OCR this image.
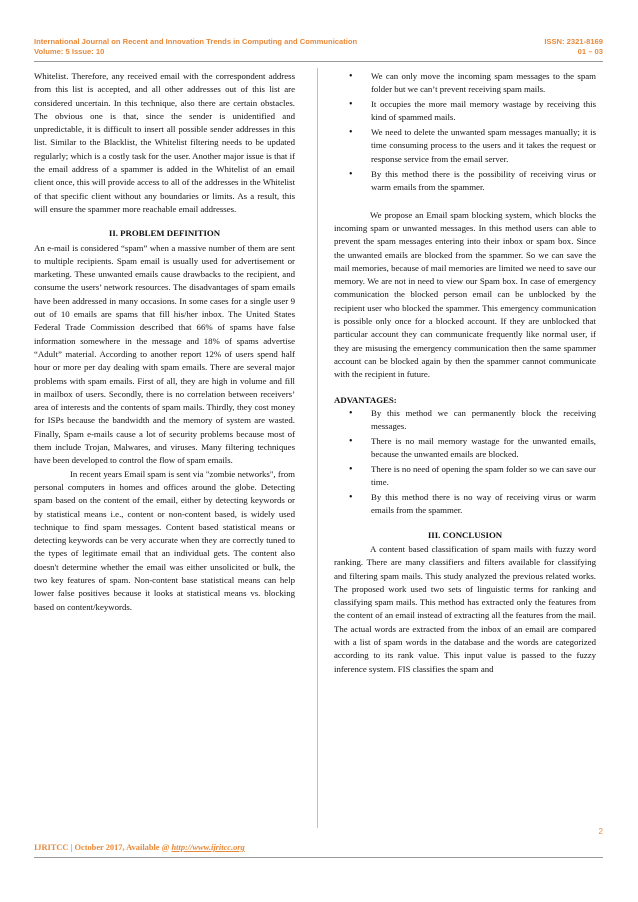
International Journal on Recent and Innovation Trends in Computing and Communication
Volume: 5 Issue: 10
ISSN: 2321-8169
01 – 03

Whitelist. Therefore, any received email with the correspondent address from this list is accepted, and all other addresses out of this list are considered uncertain. In this technique, also there are certain obstacles. The obvious one is that, since the sender is unidentified and unpredictable, it is difficult to insert all possible sender addresses in this list. Similar to the Blacklist, the Whitelist filtering needs to be updated regularly; which is a costly task for the user. Another major issue is that if the email address of a spammer is added in the Whitelist of an email client once, this will provide access to all of the addresses in the Whitelist of that specific client without any boundaries or limits. As a result, this will ensure the spammer more reachable email addresses.

II. PROBLEM DEFINITION

An e-mail is considered “spam” when a massive number of them are sent to multiple recipients. Spam email is usually used for advertisement or marketing. These unwanted emails cause drawbacks to the recipient, and consume the users’ network resources. The disadvantages of spam emails have been addressed in many occasions. In some cases for a single user 9 out of 10 emails are spams that fill his/her inbox. The United States Federal Trade Commission described that 66% of spams have false information somewhere in the message and 18% of spams advertise “Adult” material. According to another report 12% of users spend half hour or more per day dealing with spam emails. There are several major problems with spam emails. First of all, they are high in volume and fill in mailbox of users. Secondly, there is no correlation between receivers’ area of interests and the contents of spam mails. Thirdly, they cost money for ISPs because the bandwidth and the memory of system are wasted. Finally, Spam e-mails cause a lot of security problems because most of them include Trojan, Malwares, and viruses. Many filtering techniques have been developed to control the flow of spam emails.

In recent years Email spam is sent via "zombie networks", from personal computers in homes and offices around the globe. Detecting spam based on the content of the email, either by detecting keywords or by statistical means i.e., content or non-content based, is widely used technique to find spam messages. Content based statistical means or detecting keywords can be very accurate when they are correctly tuned to the types of legitimate email that an individual gets. The content also doesn't determine whether the email was either unsolicited or bulk, the two key features of spam. Non-content base statistical means can help lower false positives because it looks at statistical means vs. blocking based on content/keywords.

• We can only move the incoming spam messages to the spam folder but we can’t prevent receiving spam mails.
• It occupies the more mail memory wastage by receiving this kind of spammed mails.
• We need to delete the unwanted spam messages manually; it is time consuming process to the users and it takes the request or response service from the email server.
• By this method there is the possibility of receiving virus or warm emails from the spammer.

We propose an Email spam blocking system, which blocks the incoming spam or unwanted messages. In this method users can able to prevent the spam messages entering into their inbox or spam box. Since the unwanted emails are blocked from the spammer. So we can save the mail memories, because of mail memories are limited we need to save our memory. We are not in need to view our Spam box. In case of emergency communication the blocked person email can be unblocked by the recipient user who blocked the spammer. This emergency communication is possible only once for a blocked account. If they are unblocked that particular account they can communicate frequently like normal user, if they are misusing the emergency communication then the same spammer account can be blocked again by then the spammer cannot communicate with the recipient in future.

ADVANTAGES:
• By this method we can permanently block the receiving messages.
• There is no mail memory wastage for the unwanted emails, because the unwanted emails are blocked.
• There is no need of opening the spam folder so we can save our time.
• By this method there is no way of receiving virus or warm emails from the spammer.
III. CONCLUSION

A content based classification of spam mails with fuzzy word ranking. There are many classifiers and filters available for classifying and filtering spam mails. This study analyzed the previous related works. The proposed work used two sets of linguistic terms for ranking and classifying spam mails. This method has extracted only the features from the content of an email instead of extracting all the features from the mail. The actual words are extracted from the inbox of an email are compared with a list of spam words in the database and the words are categorized according to its rank value. This input value is passed to the fuzzy inference system. FIS classifies the spam and

2
IJRITCC | October 2017, Available @ http://www.ijritcc.org
